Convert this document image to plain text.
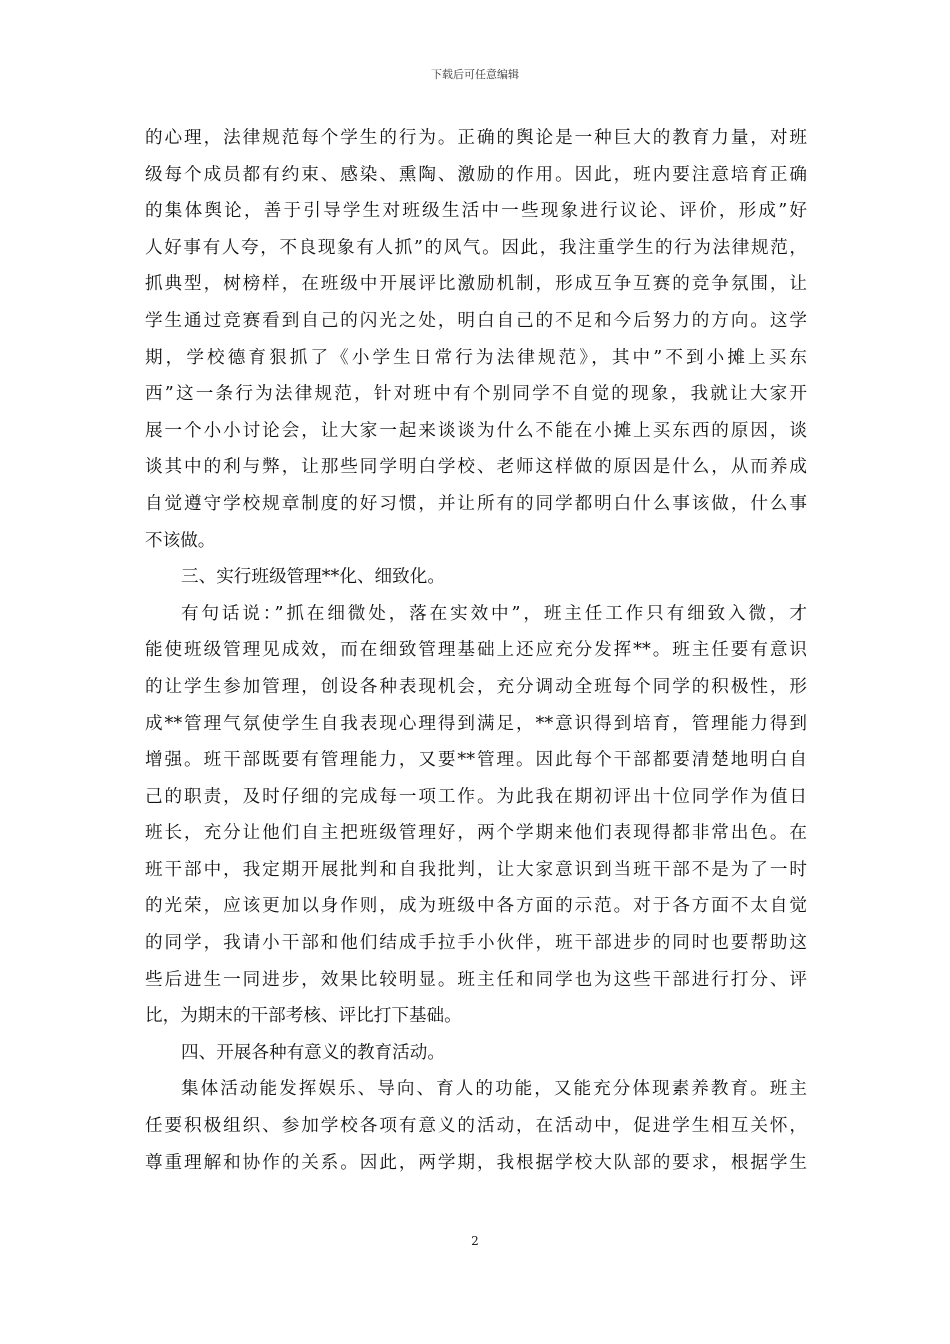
下载后可任意编辑
的心理，法律规范每个学生的行为。正确的舆论是一种巨大的教育力量，对班
级每个成员都有约束、感染、熏陶、激励的作用。因此，班内要注意培育正确
的集体舆论，善于引导学生对班级生活中一些现象进行议论、评价，形成”好
人好事有人夸，不良现象有人抓”的风气。因此，我注重学生的行为法律规范，
抓典型，树榜样，在班级中开展评比激励机制，形成互争互赛的竞争氛围，让
学生通过竞赛看到自己的闪光之处，明白自己的不足和今后努力的方向。这学
期，学校德育狠抓了《小学生日常行为法律规范》，其中”不到小摊上买东
西”这一条行为法律规范，针对班中有个别同学不自觉的现象，我就让大家开
展一个小小讨论会，让大家一起来谈谈为什么不能在小摊上买东西的原因，谈
谈其中的利与弊，让那些同学明白学校、老师这样做的原因是什么，从而养成
自觉遵守学校规章制度的好习惯，并让所有的同学都明白什么事该做，什么事
不该做。
三、实行班级管理**化、细致化。
有句话说：”抓在细微处，落在实效中”，班主任工作只有细致入微，才
能使班级管理见成效，而在细致管理基础上还应充分发挥**。班主任要有意识
的让学生参加管理，创设各种表现机会，充分调动全班每个同学的积极性，形
成**管理气氛使学生自我表现心理得到满足，**意识得到培育，管理能力得到
增强。班干部既要有管理能力，又要**管理。因此每个干部都要清楚地明白自
己的职责，及时仔细的完成每一项工作。为此我在期初评出十位同学作为值日
班长，充分让他们自主把班级管理好，两个学期来他们表现得都非常出色。在
班干部中，我定期开展批判和自我批判，让大家意识到当班干部不是为了一时
的光荣，应该更加以身作则，成为班级中各方面的示范。对于各方面不太自觉
的同学，我请小干部和他们结成手拉手小伙伴，班干部进步的同时也要帮助这
些后进生一同进步，效果比较明显。班主任和同学也为这些干部进行打分、评
比，为期末的干部考核、评比打下基础。
四、开展各种有意义的教育活动。
集体活动能发挥娱乐、导向、育人的功能，又能充分体现素养教育。班主
任要积极组织、参加学校各项有意义的活动，在活动中，促进学生相互关怀，
尊重理解和协作的关系。因此，两学期，我根据学校大队部的要求，根据学生
2
